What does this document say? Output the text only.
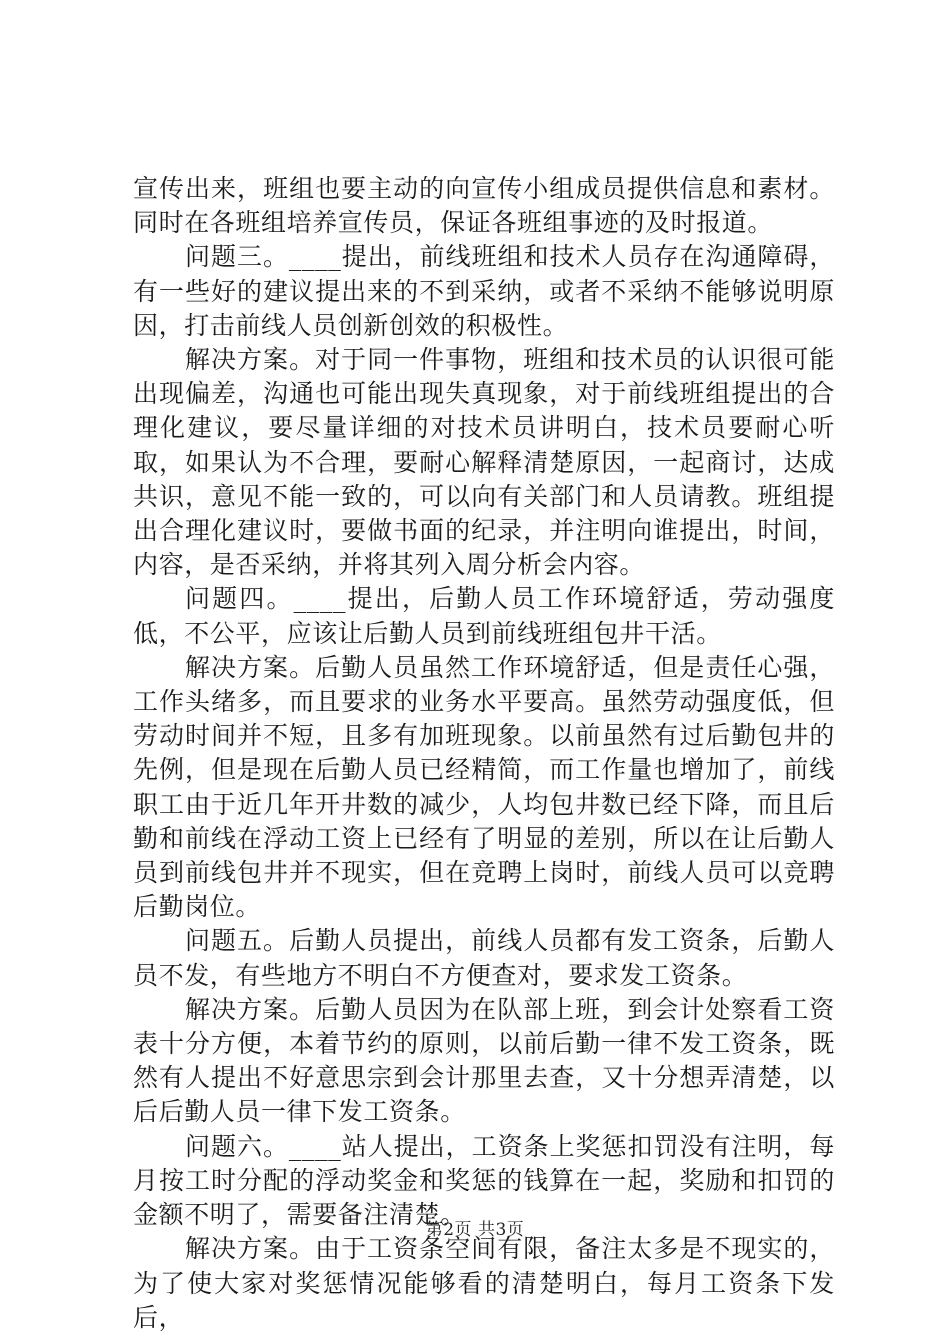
宣传出来，班组也要主动的向宣传小组成员提供信息和素材。同时在各班组培养宣传员，保证各班组事迹的及时报道。

问题三。____提出，前线班组和技术人员存在沟通障碍，有一些好的建议提出来的不到采纳，或者不采纳不能够说明原因，打击前线人员创新创效的积极性。

解决方案。对于同一件事物，班组和技术员的认识很可能出现偏差，沟通也可能出现失真现象，对于前线班组提出的合理化建议，要尽量详细的对技术员讲明白，技术员要耐心听取，如果认为不合理，要耐心解释清楚原因，一起商讨，达成共识，意见不能一致的，可以向有关部门和人员请教。班组提出合理化建议时，要做书面的纪录，并注明向谁提出，时间，内容，是否采纳，并将其列入周分析会内容。

问题四。____提出，后勤人员工作环境舒适，劳动强度低，不公平，应该让后勤人员到前线班组包井干活。

解决方案。后勤人员虽然工作环境舒适，但是责任心强，工作头绪多，而且要求的业务水平要高。虽然劳动强度低，但劳动时间并不短，且多有加班现象。以前虽然有过后勤包井的先例，但是现在后勤人员已经精简，而工作量也增加了，前线职工由于近几年开井数的减少，人均包井数已经下降，而且后勤和前线在浮动工资上已经有了明显的差别，所以在让后勤人员到前线包井并不现实，但在竞聘上岗时，前线人员可以竞聘后勤岗位。

问题五。后勤人员提出，前线人员都有发工资条，后勤人员不发，有些地方不明白不方便查对，要求发工资条。

解决方案。后勤人员因为在队部上班，到会计处察看工资表十分方便，本着节约的原则，以前后勤一律不发工资条，既然有人提出不好意思宗到会计那里去查，又十分想弄清楚，以后后勤人员一律下发工资条。

问题六。____站人提出，工资条上奖惩扣罚没有注明，每月按工时分配的浮动奖金和奖惩的钱算在一起，奖励和扣罚的金额不明了，需要备注清楚。

解决方案。由于工资条空间有限，备注太多是不现实的，为了使大家对奖惩情况能够看的清楚明白，每月工资条下发后，

第2页 共3页
